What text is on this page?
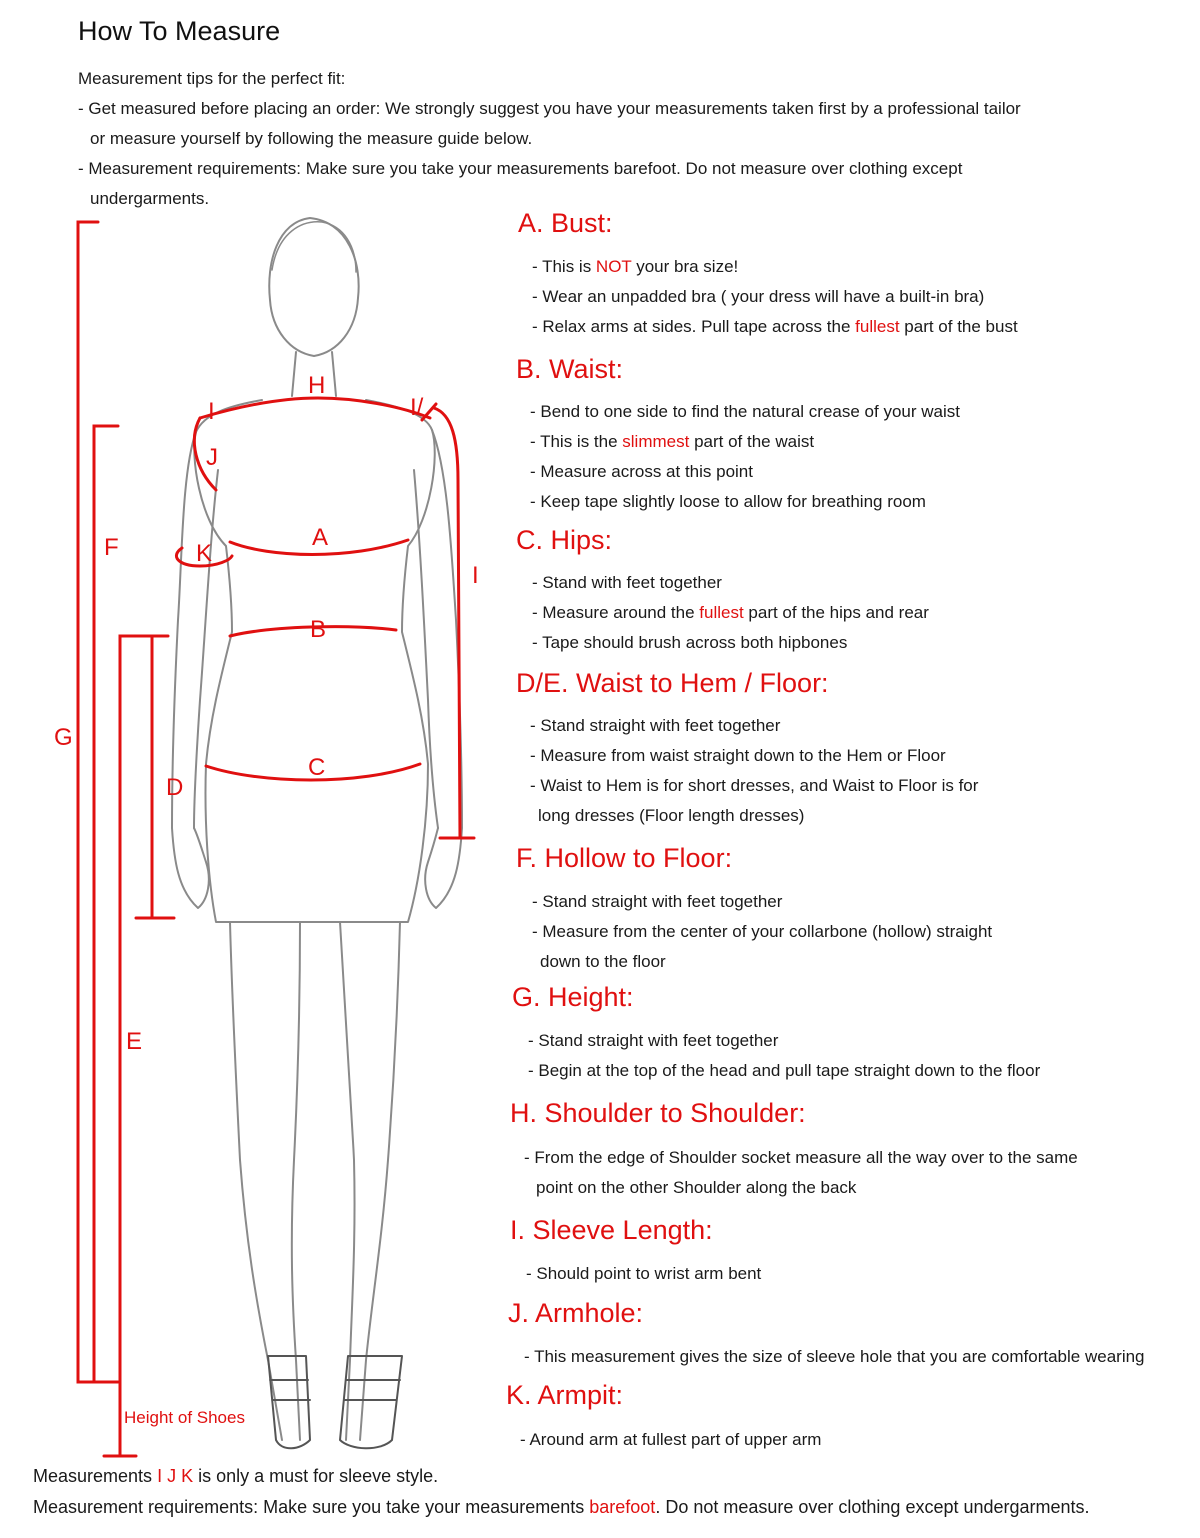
How To Measure
Measurement tips for the perfect fit:
- Get measured before placing an order: We strongly suggest you have your measurements taken first by a professional tailor
or measure yourself by following the measure guide below.
- Measurement requirements: Make sure you take your measurements barefoot. Do not measure over clothing except
undergarments.
H
I	I/
J
F	K
A
I
B
G
C
D
E
Height of Shoes
A. Bust:
- This is NOT your bra size!
- Wear an unpadded bra ( your dress will have a built-in bra)
- Relax arms at sides. Pull tape across the fullest part of the bust
B. Waist:
- Bend to one side to find the natural crease of your waist
- This is the slimmest part of the waist
- Measure across at this point
- Keep tape slightly loose to allow for breathing room
C. Hips:
- Stand with feet together
- Measure around the fullest part of the hips and rear
- Tape should brush across both hipbones
D/E. Waist to Hem / Floor:
- Stand straight with feet together
- Measure from waist straight down to the Hem or Floor
- Waist to Hem is for short dresses, and Waist to Floor is for
long dresses (Floor length dresses)
F. Hollow to Floor:
- Stand straight with feet together
- Measure from the center of your collarbone (hollow) straight
down to the floor
G. Height:
- Stand straight with feet together
- Begin at the top of the head and pull tape straight down to the floor
H. Shoulder to Shoulder:
- From the edge of Shoulder socket measure all the way over to the same
point on the other Shoulder along the back
I. Sleeve Length:
- Should point to wrist arm bent
J. Armhole:
- This measurement gives the size of sleeve hole that you are comfortable wearing
K. Armpit:
- Around arm at fullest part of upper arm
Measurements I J K is only a must for sleeve style.
Measurement requirements: Make sure you take your measurements barefoot. Do not measure over clothing except undergarments.
